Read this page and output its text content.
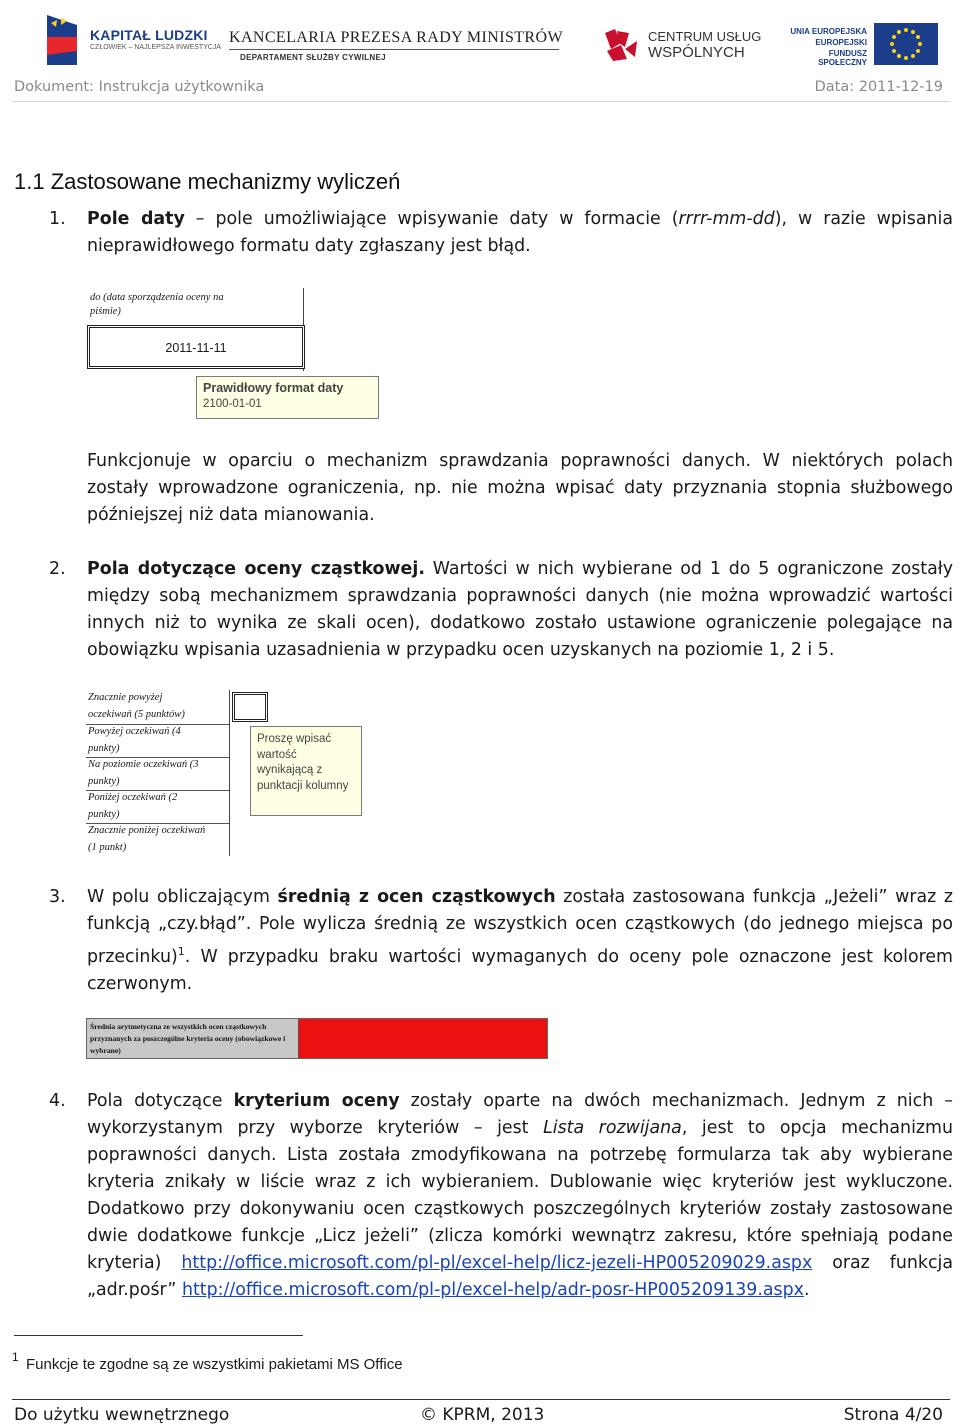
KAPITAŁ LUDZKI
CZŁOWIEK – NAJLEPSZA INWESTYCJA
KANCELARIA PREZESA RADY MINISTRÓW
DEPARTAMENT SŁUŻBY CYWILNEJ
CENTRUM USŁUG
WSPÓLNYCH
UNIA EUROPEJSKA
EUROPEJSKI
FUNDUSZ SPOŁECZNY
Dokument: Instrukcja użytkownika	Data: 2011-12-19
1.1 Zastosowane mechanizmy wyliczeń
1. Pole daty – pole umożliwiające wpisywanie daty w formacie (rrrr-mm-dd), w razie wpisania
nieprawidłowego formatu daty zgłaszany jest błąd.
do (data sporządzenia oceny na
piśmie)
2011-11-11
Prawidłowy format daty
2100-01-01
Funkcjonuje w oparciu o mechanizm sprawdzania poprawności danych. W niektórych polach
zostały wprowadzone ograniczenia, np. nie można wpisać daty przyznania stopnia służbowego
późniejszej niż data mianowania.
2. Pola dotyczące oceny cząstkowej. Wartości w nich wybierane od 1 do 5 ograniczone zostały
między sobą mechanizmem sprawdzania poprawności danych (nie można wprowadzić wartości
innych niż to wynika ze skali ocen), dodatkowo zostało ustawione ograniczenie polegające na
obowiązku wpisania uzasadnienia w przypadku ocen uzyskanych na poziomie 1, 2 i 5.
Znacznie powyżej
oczekiwań (5 punktów)
Powyżej oczekiwań (4
punkty)
Na poziomie oczekiwań (3
punkty)
Poniżej oczekiwań (2
punkty)
Znacznie poniżej oczekiwań
(1 punkt)
Proszę wpisać wartość wynikającą z punktacji kolumny
3. W polu obliczającym średnią z ocen cząstkowych została zastosowana funkcja „Jeżeli” wraz z
funkcją „czy.błąd”. Pole wylicza średnią ze wszystkich ocen cząstkowych (do jednego miejsca po
przecinku)$^1$. W przypadku braku wartości wymaganych do oceny pole oznaczone jest kolorem
czerwonym.
Średnia arytmetyczna ze wszystkich ocen cząstkowych przyznanych za poszczególne kryteria oceny (obowiązkowe i wybrane)
4. Pola dotyczące kryterium oceny zostały oparte na dwóch mechanizmach. Jednym z nich –
wykorzystanym przy wyborze kryteriów – jest Lista rozwijana, jest to opcja mechanizmu
poprawności danych. Lista została zmodyfikowana na potrzebę formularza tak aby wybierane
kryteria znikały w liście wraz z ich wybieraniem. Dublowanie więc kryteriów jest wykluczone.
Dodatkowo przy dokonywaniu ocen cząstkowych poszczególnych kryteriów zostały zastosowane
dwie dodatkowe funkcje „Licz jeżeli” (zlicza komórki wewnątrz zakresu, które spełniają podane
kryteria) http://office.microsoft.com/pl-pl/excel-help/licz-jezeli-HP005209029.aspx oraz funkcja
„adr.pośr” http://office.microsoft.com/pl-pl/excel-help/adr-posr-HP005209139.aspx.
1 Funkcje te zgodne są ze wszystkimi pakietami MS Office
Do użytku wewnętrznego	© KPRM, 2013	Strona 4/20
